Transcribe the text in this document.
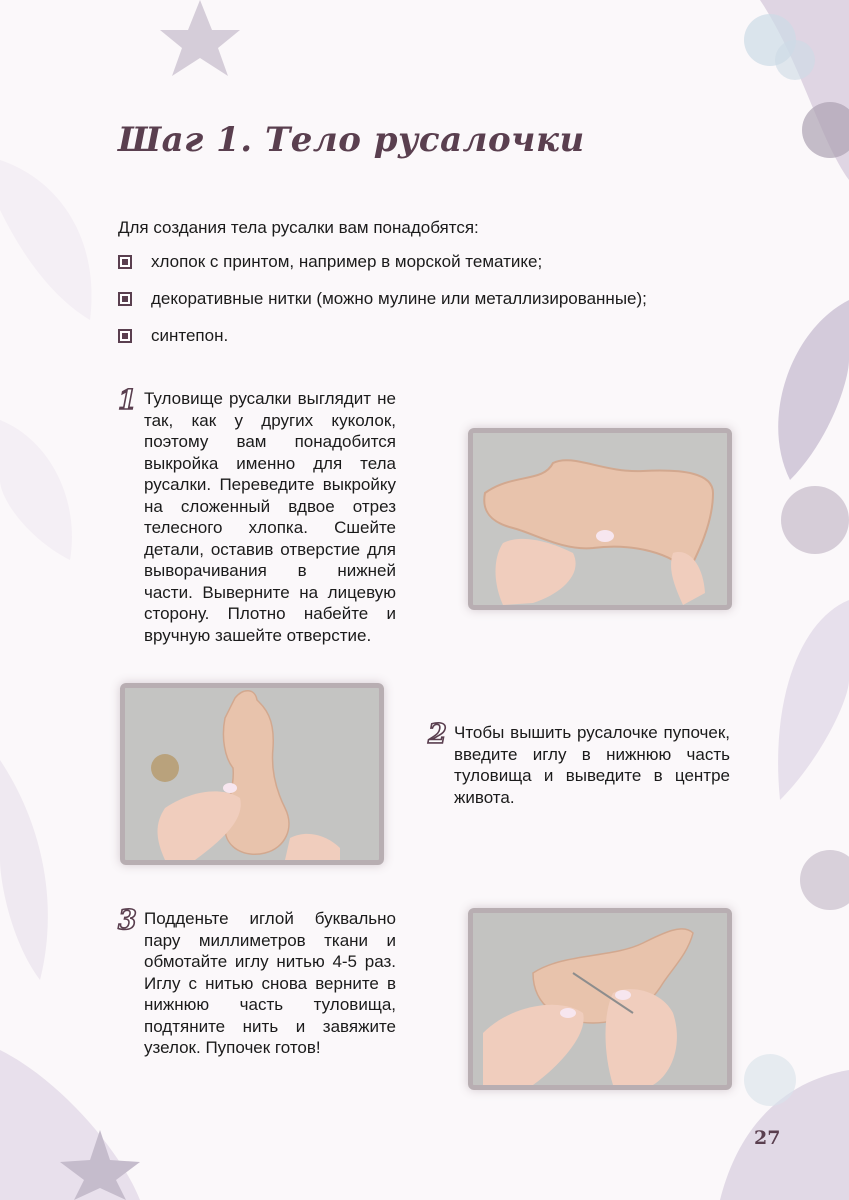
Шаг 1. Тело русалочки
Для создания тела русалки вам понадобятся:
хлопок с принтом, например в морской тематике;
декоративные нитки (можно мулине или металлизированные);
синтепон.
1 Туловище русалки выглядит не так, как у других куколок, поэтому вам понадобится выкройка именно для тела русалки. Переведите выкройку на сложенный вдвое отрез телесного хлопка. Сшейте детали, оставив отверстие для выворачивания в нижней части. Выверните на лицевую сторону. Плотно набейте и вручную зашейте отверстие.
2 Чтобы вышить русалочке пупочек, введите иглу в нижнюю часть туловища и выведите в центре живота.
3 Подденьте иглой буквально пару миллиметров ткани и обмотайте иглу нитью 4-5 раз. Иглу с нитью снова верните в нижнюю часть туловища, подтяните нить и завяжите узелок. Пупочек готов!
27
